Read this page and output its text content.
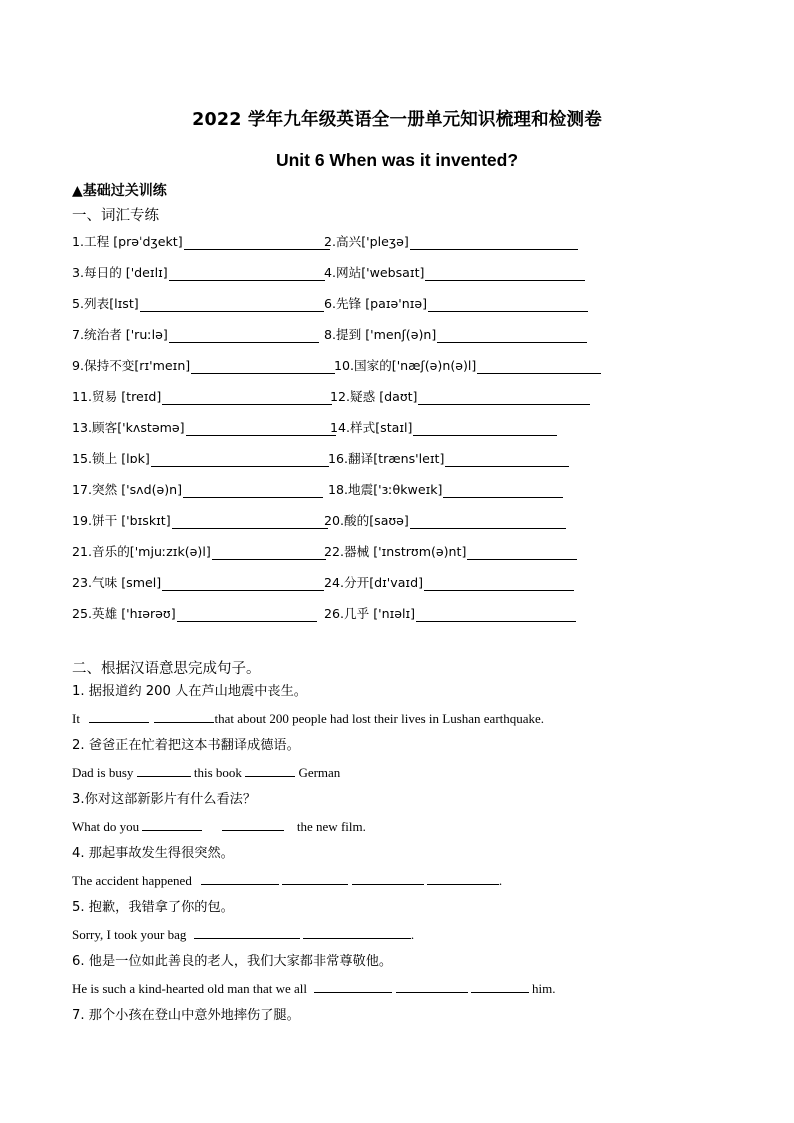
2022 学年九年级英语全一册单元知识梳理和检测卷
Unit 6 When was it invented?
▲基础过关训练
一、词汇专练
1.工程 [prəˈdʒekt]	2.高兴['pleʒə]
3.每日的 ['deɪlɪ]	4.网站['websaɪt]
5.列表[lɪst]	6.先锋 [paɪə'nɪə]
7.统治者 ['ruːlə]	8.提到 ['menʃ(ə)n]
9.保持不变[rɪ'meɪn]	10.国家的['næʃ(ə)n(ə)l]
11.贸易 [treɪd]	12.疑惑 [daʊt]
13.顾客['kʌstəmə]	14.样式[staɪl]
15.锁上 [lɒk]	16.翻译[træns'leɪt]
17.突然 ['sʌd(ə)n]	18.地震['ɜːθkweɪk]
19.饼干 ['bɪskɪt]	20.酸的[saʊə]
21.音乐的['mjuːzɪk(ə)l]	22.器械 ['ɪnstrʊm(ə)nt]
23.气味 [smel]	24.分开[dɪ'vaɪd]
25.英雄 ['hɪərəʊ]	26.几乎 ['nɪəlɪ]
二、根据汉语意思完成句子。
1. 据报道约 200 人在芦山地震中丧生。
It	that about 200 people had lost their lives in Lushan earthquake.
2. 爸爸正在忙着把这本书翻译成德语。
Dad is busy	this book	German
3.你对这部新影片有什么看法？
What do you	the new film.
4. 那起事故发生得很突然。
The accident happened	.
5. 抱歉，我错拿了你的包。
Sorry, I took your bag	.
6. 他是一位如此善良的老人，我们大家都非常尊敬他。
He is such a kind-hearted old man that we all	him.
7. 那个小孩在登山中意外地摔伤了腿。
